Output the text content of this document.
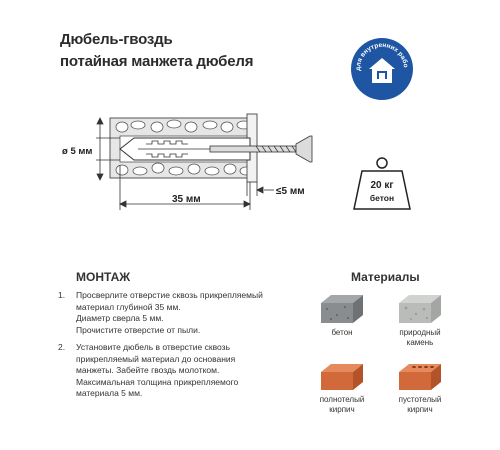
Дюбель-гвоздь
потайная манжета дюбеля	для внутренних рабо
ø 5 мм
35 мм
≤5 мм
20 кг
бетон
МОНТАЖ
1.	Просверлите отверстие сквозь прикрепляемый
материал глубиной 35 мм.
Диаметр сверла 5 мм.
Прочистите отверстие от пыли.
2.	Установите дюбель в отверстие сквозь
прикрепляемый материал до основания
манжеты. Забейте гвоздь молотком.
Максимальная толщина прикрепляемого
материала 5 мм.
Материалы
бетон	природный
камень
полнотелый
кирпич
пустотелый
кирпич
